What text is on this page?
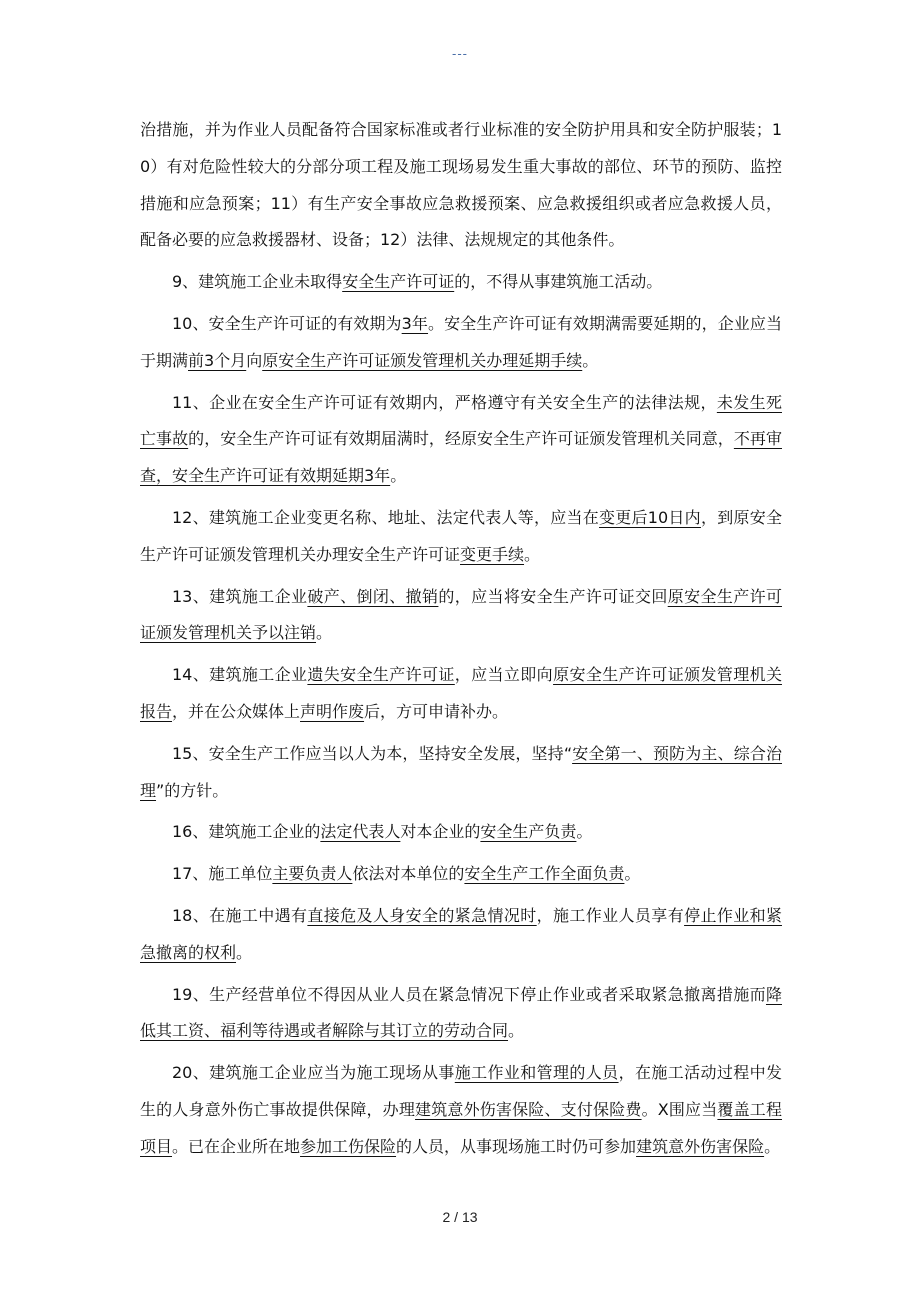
---

治措施，并为作业人员配备符合国家标准或者行业标准的安全防护用具和安全防护服装；10）有对危险性较大的分部分项工程及施工现场易发生重大事故的部位、环节的预防、监控措施和应急预案；11）有生产安全事故应急救援预案、应急救援组织或者应急救援人员，配备必要的应急救援器材、设备；12）法律、法规规定的其他条件。

9、建筑施工企业未取得安全生产许可证的，不得从事建筑施工活动。

10、安全生产许可证的有效期为3年。安全生产许可证有效期满需要延期的，企业应当于期满前3个月向原安全生产许可证颁发管理机关办理延期手续。

11、企业在安全生产许可证有效期内，严格遵守有关安全生产的法律法规，未发生死亡事故的，安全生产许可证有效期届满时，经原安全生产许可证颁发管理机关同意，不再审查，安全生产许可证有效期延期3年。

12、建筑施工企业变更名称、地址、法定代表人等，应当在变更后10日内，到原安全生产许可证颁发管理机关办理安全生产许可证变更手续。

13、建筑施工企业破产、倒闭、撤销的，应当将安全生产许可证交回原安全生产许可证颁发管理机关予以注销。

14、建筑施工企业遗失安全生产许可证，应当立即向原安全生产许可证颁发管理机关报告，并在公众媒体上声明作废后，方可申请补办。

15、安全生产工作应当以人为本，坚持安全发展，坚持“安全第一、预防为主、综合治理”的方针。

16、建筑施工企业的法定代表人对本企业的安全生产负责。

17、施工单位主要负责人依法对本单位的安全生产工作全面负责。

18、在施工中遇有直接危及人身安全的紧急情况时，施工作业人员享有停止作业和紧急撤离的权利。

19、生产经营单位不得因从业人员在紧急情况下停止作业或者采取紧急撤离措施而降低其工资、福利等待遇或者解除与其订立的劳动合同。

20、建筑施工企业应当为施工现场从事施工作业和管理的人员，在施工活动过程中发生的人身意外伤亡事故提供保障，办理建筑意外伤害保险、支付保险费。X围应当覆盖工程项目。已在企业所在地参加工伤保险的人员，从事现场施工时仍可参加建筑意外伤害保险。

2 / 13
